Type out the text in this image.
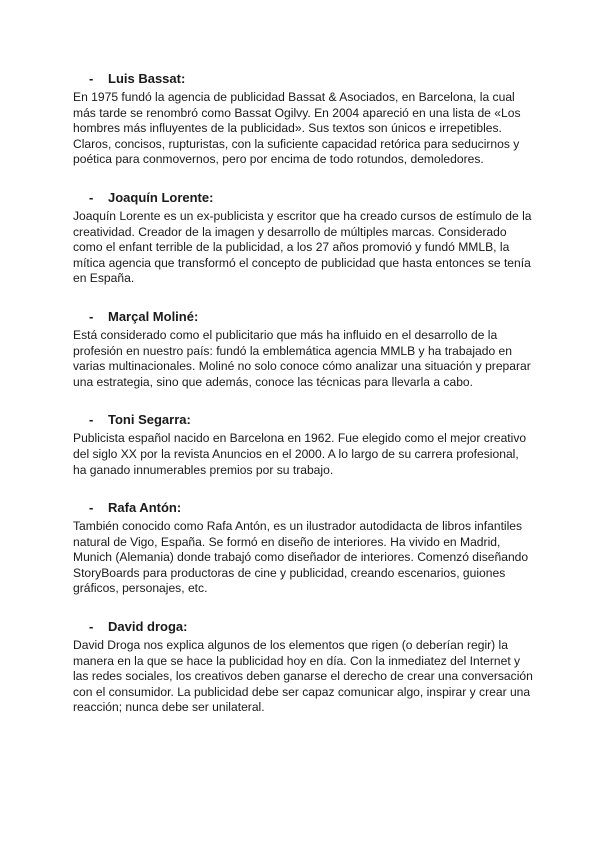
-	Luis Bassat:

En 1975 fundó la agencia de publicidad Bassat & Asociados, en Barcelona, la cual más tarde se renombró como Bassat Ogilvy. En 2004 apareció en una lista de «Los hombres más influyentes de la publicidad». Sus textos son únicos e irrepetibles. Claros, concisos, rupturistas, con la suficiente capacidad retórica para seducirnos y poética para conmovernos, pero por encima de todo rotundos, demoledores.

-	Joaquín Lorente:

Joaquín Lorente es un ex-publicista y escritor que ha creado cursos de estímulo de la creatividad. Creador de la imagen y desarrollo de múltiples marcas. Considerado como el enfant terrible de la publicidad, a los 27 años promovió y fundó MMLB, la mítica agencia que transformó el concepto de publicidad que hasta entonces se tenía en España.

-	Marçal Moliné:

Está considerado como el publicitario que más ha influido en el desarrollo de la profesión en nuestro país: fundó la emblemática agencia MMLB y ha trabajado en varias multinacionales. Moliné no solo conoce cómo analizar una situación y preparar una estrategia, sino que además, conoce las técnicas para llevarla a cabo.

-	Toni Segarra:

Publicista español nacido en Barcelona en 1962. Fue elegido como el mejor creativo del siglo XX por la revista Anuncios en el 2000. A lo largo de su carrera profesional, ha ganado innumerables premios por su trabajo.

-	Rafa Antón:

También conocido como Rafa Antón, es un ilustrador autodidacta de libros infantiles natural de Vigo, España. Se formó en diseño de interiores. Ha vivido en Madrid, Munich (Alemania) donde trabajó como diseñador de interiores. Comenzó diseñando StoryBoards para productoras de cine y publicidad, creando escenarios, guiones gráficos, personajes, etc.

-	David droga:

David Droga nos explica algunos de los elementos que rigen (o deberían regir) la manera en la que se hace la publicidad hoy en día. Con la inmediatez del Internet y las redes sociales, los creativos deben ganarse el derecho de crear una conversación con el consumidor. La publicidad debe ser capaz comunicar algo, inspirar y crear una reacción; nunca debe ser unilateral.
